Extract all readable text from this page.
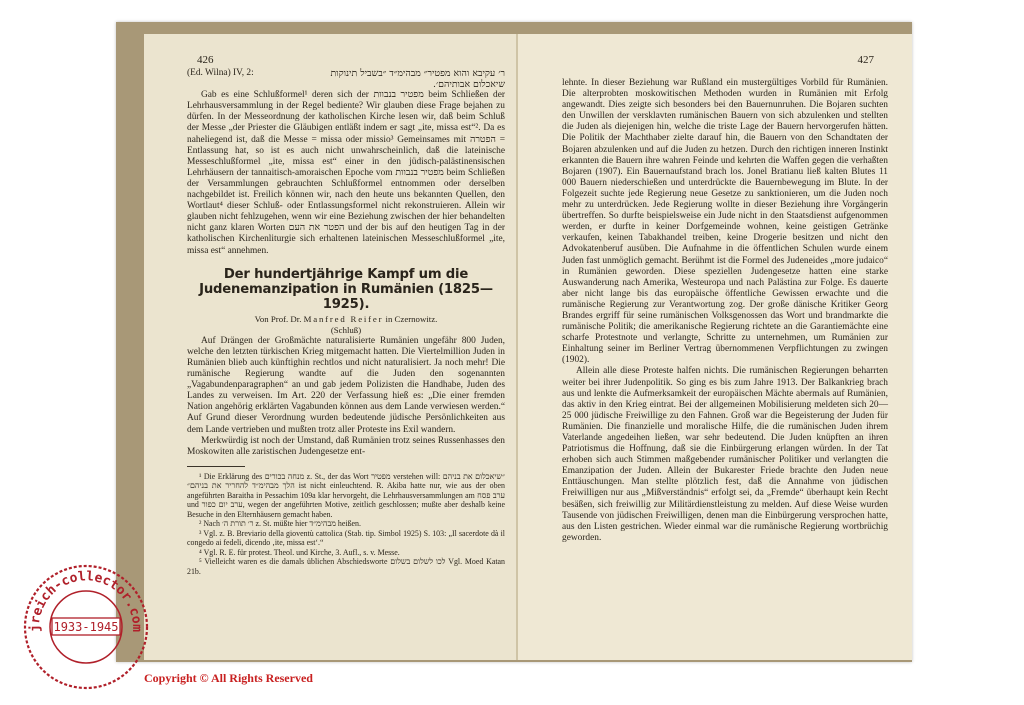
426
(Ed. Wilna) IV, 2:	ר׳ עקיבא והוא מפטיר״ מבהימ״ד ״בשביל תינוקות
שיאכלום אבותיהם׳.

Gab es eine Schlußformel¹ deren sich der מפטיר בנבוות beim Schließen der Lehrhausversammlung in der Regel bediente? Wir glauben diese Frage bejahen zu dürfen. In der Messeordnung der katholischen Kirche lesen wir, daß beim Schluß der Messe „der Priester die Gläubigen entläßt indem er sagt „ite, missa est“². Da es naheliegend ist, daß die Messe = missa oder missio³ Gemeinsames mit הפטרה = Entlassung hat, so ist es auch nicht unwahrscheinlich, daß die lateinische Messeschlußformel „ite, missa est“ einer in den jüdisch-palästinensischen Lehrhäusern der tannaitisch-amoraischen Epoche vom מפטיר בנבוות beim Schließen der Versammlungen gebrauchten Schlußformel entnommen oder derselben nachgebildet ist. Freilich können wir, nach den heute uns bekannten Quellen, den Wortlaut⁴ dieser Schluß- oder Entlassungsformel nicht rekonstruieren. Allein wir glauben nicht fehlzugehen, wenn wir eine Beziehung zwischen der hier behandelten nicht ganz klaren Worten הפטר את העם und der bis auf den heutigen Tag in der katholischen Kirchenliturgie sich erhaltenen lateinischen Messeschlußformel „ite, missa est“ annehmen.

Der hundertjährige Kampf um die Judenemanzipation in Rumänien (1825—1925).
Von Prof. Dr. Manfred Reifer in Czernowitz.
(Schluß)

Auf Drängen der Großmächte naturalisierte Rumänien ungefähr 800 Juden, welche den letzten türkischen Krieg mitgemacht hatten. Die Viertelmillion Juden in Rumänien blieb auch künftighin rechtlos und nicht naturalisiert. Ja noch mehr! Die rumänische Regierung wandte auf die Juden den sogenannten „Vagabundenparagraphen“ an und gab jedem Polizisten die Handhabe, Juden des Landes zu verweisen. Im Art. 220 der Verfassung hieß es: „Die einer fremden Nation angehörig erklärten Vagabunden können aus dem Lande verwiesen werden.“ Auf Grund dieser Verordnung wurden bedeutende jüdische Persönlichkeiten aus dem Lande vertrieben und mußten trotz aller Proteste ins Exil wandern.

Merkwürdig ist noch der Umstand, daß Rumänien trotz seines Russenhasses den Moskowiten alle zaristischen Judengesetze ent-

¹ Die Erklärung des מנחה בכורים z. St., der das Wort מפטיר verstehen will: ״שיאכלום את בניהם הלך מבהימ״ד להחריר את בניהם״ ist nicht einleuchtend. R. Akiba hatte nur, wie aus der oben angeführten Baraitha in Pessachim 109a klar hervorgeht, die Lehrhausversammlungen am ערב פסח und ערב יום כפור, wegen der angeführten Motive, zeitlich geschlossen; mußte aber deshalb keine Besuche in den Elternhäusern gemacht haben.

² Nach ר׳ תורת ה׳ z. St. müßte hier מבהימ״ד heißen.

³ Vgl. z. B. Breviario della gioventù cattolica (Stab. tip. Simbol 1925) S. 103: „Il sacerdote dà il congedo ai fedeli, dicendo ‚ite, missa est‘.“

⁴ Vgl. R. E. für protest. Theol. und Kirche, 3. Aufl., s. v. Messe.

⁵ Vielleicht waren es die damals üblichen Abschiedsworte לכו לשלום בשלום Vgl. Moed Katan 21b.

427

lehnte. In dieser Beziehung war Rußland ein mustergültiges Vorbild für Rumänien. Die alterprobten moskowitischen Methoden wurden in Rumänien mit Erfolg angewandt. Dies zeigte sich besonders bei den Bauernunruhen. Die Bojaren suchten den Unwillen der versklavten rumänischen Bauern von sich abzulenken und stellten die Juden als diejenigen hin, welche die triste Lage der Bauern hervorgerufen hätten. Die Politik der Machthaber zielte darauf hin, die Bauern von den Schandtaten der Bojaren abzulenken und auf die Juden zu hetzen. Durch den richtigen inneren Instinkt erkannten die Bauern ihre wahren Feinde und kehrten die Waffen gegen die verhaßten Bojaren (1907). Ein Bauernaufstand brach los. Jonel Bratianu ließ kalten Blutes 11 000 Bauern niederschießen und unterdrückte die Bauernbewegung im Blute. In der Folgezeit suchte jede Regierung neue Gesetze zu sanktionieren, um die Juden noch mehr zu unterdrücken. Jede Regierung wollte in dieser Beziehung ihre Vorgängerin übertreffen. So durfte beispielsweise ein Jude nicht in den Staatsdienst aufgenommen werden, er durfte in keiner Dorfgemeinde wohnen, keine geistigen Getränke verkaufen, keinen Tabakhandel treiben, keine Drogerie besitzen und nicht den Advokatenberuf ausüben. Die Aufnahme in die öffentlichen Schulen wurde einem Juden fast unmöglich gemacht. Berühmt ist die Formel des Judeneides „more judaico“ in Rumänien geworden. Diese speziellen Judengesetze hatten eine starke Auswanderung nach Amerika, Westeuropa und nach Palästina zur Folge. Es dauerte aber nicht lange bis das europäische öffentliche Gewissen erwachte und die rumänische Regierung zur Verantwortung zog. Der große dänische Kritiker Georg Brandes ergriff für seine rumänischen Volksgenossen das Wort und brandmarkte die rumänische Politik; die amerikanische Regierung richtete an die Garantiemächte eine scharfe Protestnote und verlangte, Schritte zu unternehmen, um Rumänien zur Einhaltung seiner im Berliner Vertrag übernommenen Verpflichtungen zu zwingen (1902).

Allein alle diese Proteste halfen nichts. Die rumänischen Regierungen beharrten weiter bei ihrer Judenpolitik. So ging es bis zum Jahre 1913. Der Balkankrieg brach aus und lenkte die Aufmerksamkeit der europäischen Mächte abermals auf Rumänien, das aktiv in den Krieg eintrat. Bei der allgemeinen Mobilisierung meldeten sich 20—25 000 jüdische Freiwillige zu den Fahnen. Groß war die Begeisterung der Juden für Rumänien. Die finanzielle und moralische Hilfe, die die rumänischen Juden ihrem Vaterlande angedeihen ließen, war sehr bedeutend. Die Juden knüpften an ihren Patriotismus die Hoffnung, daß sie die Einbürgerung erlangen würden. In der Tat erhoben sich auch Stimmen maßgebender rumänischer Politiker und verlangten die Emanzipation der Juden. Allein der Bukarester Friede brachte den Juden neue Enttäuschungen. Man stellte plötzlich fest, daß die Annahme von jüdischen Freiwilligen nur aus „Mißverständnis“ erfolgt sei, da „Fremde“ überhaupt kein Recht besäßen, sich freiwillig zur Militärdienstleistung zu melden. Auf diese Weise wurden Tausende von jüdischen Freiwilligen, denen man die Einbürgerung versprochen hatte, aus den Listen gestrichen. Wieder einmal war die rumänische Regierung wortbrüchig geworden.

jreich-collector.com
1933-1945
Copyright © All Rights Reserved
